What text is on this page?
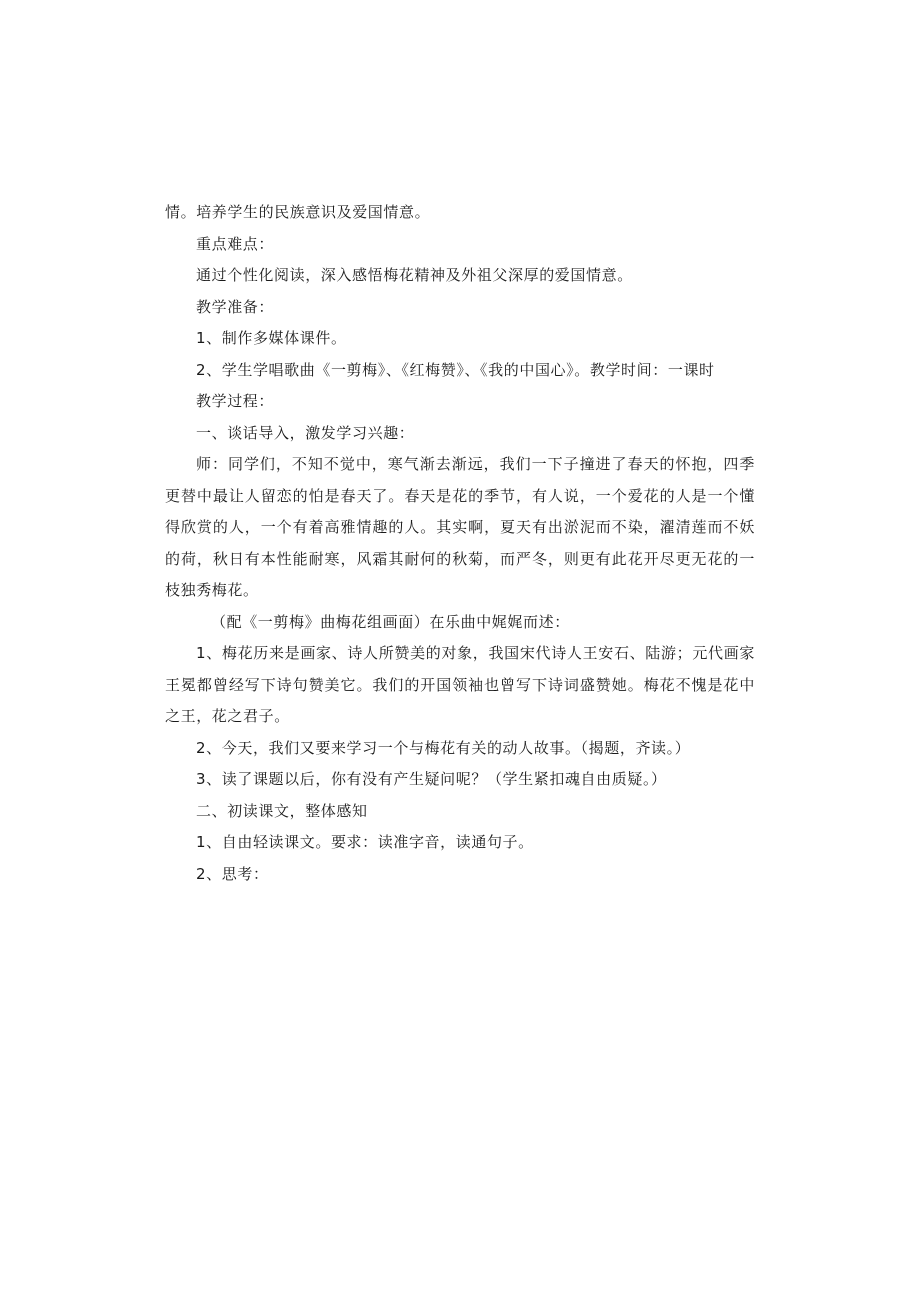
情。培养学生的民族意识及爱国情意。

重点难点：

通过个性化阅读，深入感悟梅花精神及外祖父深厚的爱国情意。

教学准备：

1、制作多媒体课件。

2、学生学唱歌曲《一剪梅》、《红梅赞》、《我的中国心》。教学时间：一课时

教学过程：

一、谈话导入，激发学习兴趣：

师：同学们，不知不觉中，寒气渐去渐远，我们一下子撞进了春天的怀抱，四季更替中最让人留恋的怕是春天了。春天是花的季节，有人说，一个爱花的人是一个懂得欣赏的人，一个有着高雅情趣的人。其实啊，夏天有出淤泥而不染，濯清莲而不妖的荷，秋日有本性能耐寒，风霜其耐何的秋菊，而严冬，则更有此花开尽更无花的一枝独秀梅花。

（配《一剪梅》曲梅花组画面）在乐曲中娓娓而述：

1、梅花历来是画家、诗人所赞美的对象，我国宋代诗人王安石、陆游；元代画家王冕都曾经写下诗句赞美它。我们的开国领袖也曾写下诗词盛赞她。梅花不愧是花中之王，花之君子。

2、今天，我们又要来学习一个与梅花有关的动人故事。（揭题，齐读。）

3、读了课题以后，你有没有产生疑问呢？（学生紧扣魂自由质疑。）

二、初读课文，整体感知

1、自由轻读课文。要求：读准字音，读通句子。

2、思考：
